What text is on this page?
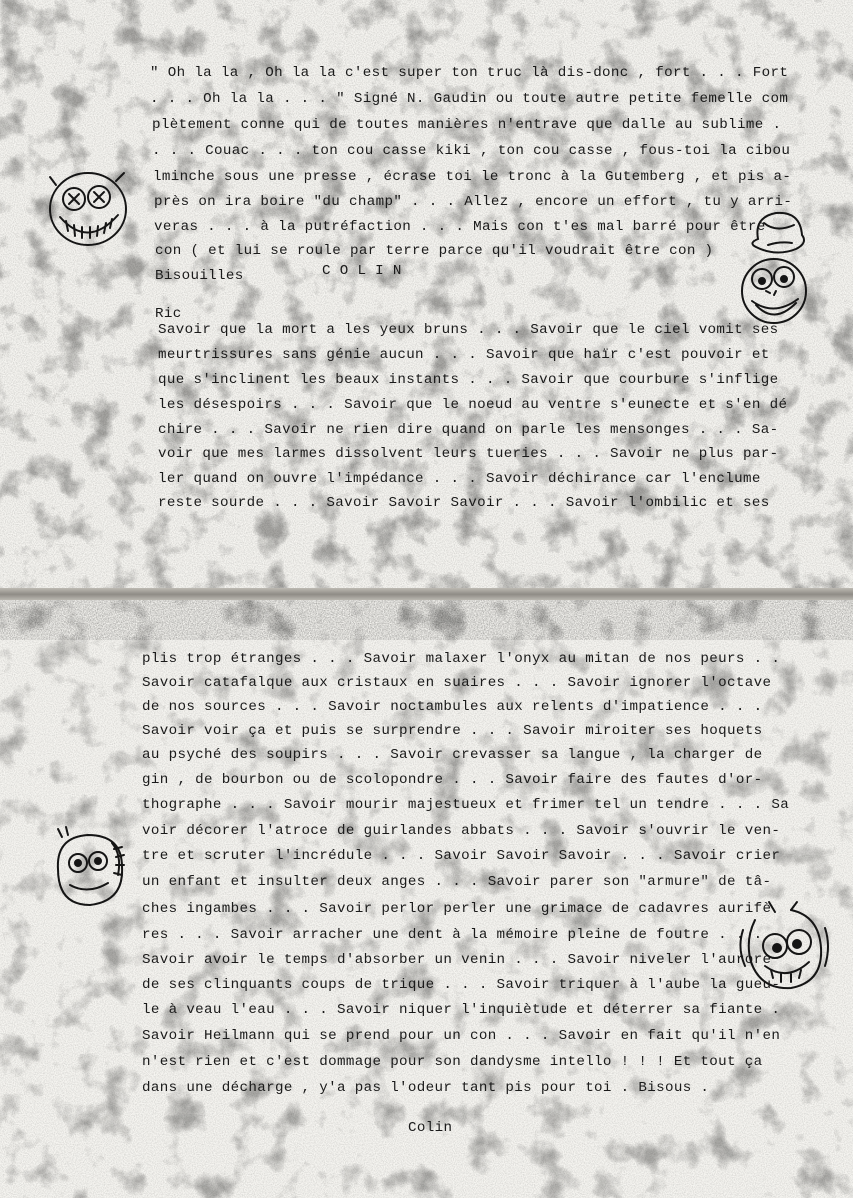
" Oh la la , Oh la la c'est super ton truc là dis-donc , fort . . . Fort
. . . Oh la la . . . " Signé N. Gaudin ou toute autre petite femelle com
plètement conne qui de toutes manières n'entrave que dalle au sublime .
. . . Couac . . . ton cou casse kiki , ton cou casse , fous-toi la cibou
lminche sous une presse , écrase toi le tronc à la Gutemberg , et pis a-
près on ira boire "du champ" . . . Allez , encore un effort , tu y arri-
veras . . . à la putréfaction . . . Mais con t'es mal barré pour être
con ( et lui se roule par terre parce qu'il voudrait être con )
Bisouilles	C O L I N
Ric
Savoir que la mort a les yeux bruns . . . Savoir que le ciel vomit ses
meurtrissures sans génie aucun . . . Savoir que haïr c'est pouvoir et
que s'inclinent les beaux instants . . . Savoir que courbure s'inflige
les désespoirs . . . Savoir que le noeud au ventre s'eunecte et s'en dé
chire . . . Savoir ne rien dire quand on parle les mensonges . . . Sa-
voir que mes larmes dissolvent leurs tueries . . . Savoir ne plus par-
ler quand on ouvre l'impédance . . . Savoir déchirance car l'enclume
reste sourde . . . Savoir Savoir Savoir . . . Savoir l'ombilic et ses
plis trop étranges . . . Savoir malaxer l'onyx au mitan de nos peurs . .
Savoir catafalque aux cristaux en suaires . . . Savoir ignorer l'octave
de nos sources . . . Savoir noctambules aux relents d'impatience . . .
Savoir voir ça et puis se surprendre . . . Savoir miroiter ses hoquets
au psyché des soupirs . . . Savoir crevasser sa langue , la charger de
gin , de bourbon ou de scolopondre . . . Savoir faire des fautes d'or-
thographe . . . Savoir mourir majestueux et frimer tel un tendre . . . Sa
voir décorer l'atroce de guirlandes abbats . . . Savoir s'ouvrir le ven-
tre et scruter l'incrédule . . . Savoir Savoir Savoir . . . Savoir crier
un enfant et insulter deux anges . . . Savoir parer son "armure" de tâ-
ches ingambes . . . Savoir perlor perler une grimace de cadavres aurifè
res . . . Savoir arracher une dent à la mémoire pleine de foutre . . .
Savoir avoir le temps d'absorber un venin . . . Savoir niveler l'aurore
de ses clinquants coups de trique . . . Savoir triquer à l'aube la gueu-
le à veau l'eau . . . Savoir niquer l'inquiètude et déterrer sa fiante .
Savoir Heilmann qui se prend pour un con . . . Savoir en fait qu'il n'en
n'est rien et c'est dommage pour son dandysme intello ! ! ! Et tout ça
dans une décharge , y'a pas l'odeur tant pis pour toi . Bisous .
Colin
